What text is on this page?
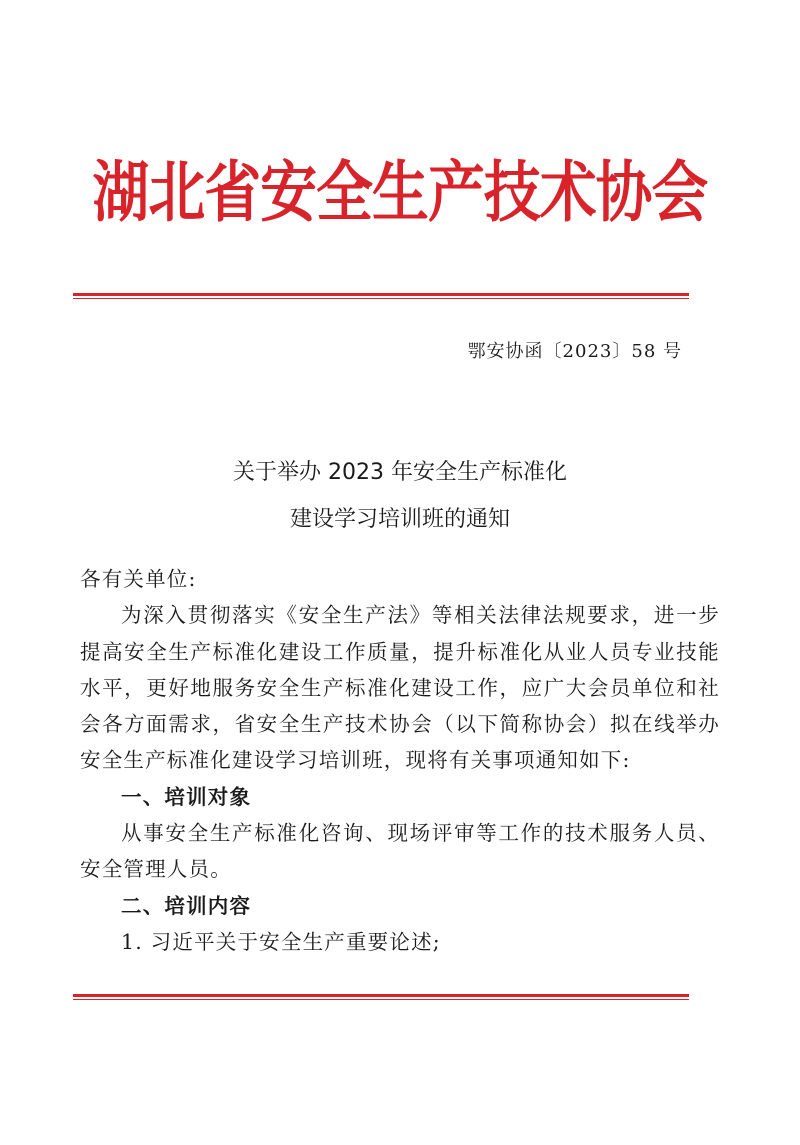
湖北省安全生产技术协会
鄂安协函〔2023〕58 号
关于举办 2023 年安全生产标准化
建设学习培训班的通知

各有关单位:

为深入贯彻落实《安全生产法》等相关法律法规要求，进一步提高安全生产标准化建设工作质量，提升标准化从业人员专业技能水平，更好地服务安全生产标准化建设工作，应广大会员单位和社会各方面需求，省安全生产技术协会（以下简称协会）拟在线举办安全生产标准化建设学习培训班，现将有关事项通知如下:

一、培训对象

从事安全生产标准化咨询、现场评审等工作的技术服务人员、安全管理人员。

二、培训内容

1. 习近平关于安全生产重要论述;
